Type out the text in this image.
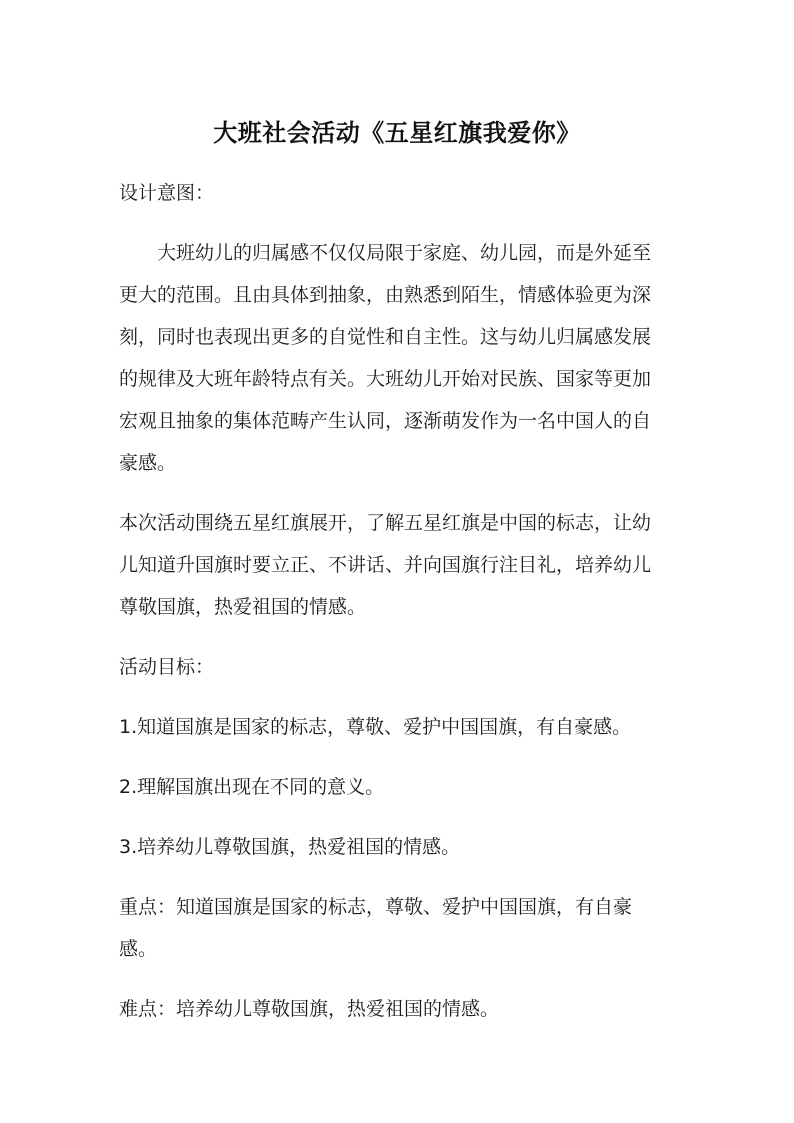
大班社会活动《五星红旗我爱你》

设计意图：

大班幼儿的归属感不仅仅局限于家庭、幼儿园，而是外延至更大的范围。且由具体到抽象，由熟悉到陌生，情感体验更为深刻，同时也表现出更多的自觉性和自主性。这与幼儿归属感发展的规律及大班年龄特点有关。大班幼儿开始对民族、国家等更加宏观且抽象的集体范畴产生认同，逐渐萌发作为一名中国人的自豪感。

本次活动围绕五星红旗展开，了解五星红旗是中国的标志，让幼儿知道升国旗时要立正、不讲话、并向国旗行注目礼，培养幼儿尊敬国旗，热爱祖国的情感。

活动目标：

1.知道国旗是国家的标志，尊敬、爱护中国国旗，有自豪感。

2.理解国旗出现在不同的意义。

3.培养幼儿尊敬国旗，热爱祖国的情感。

重点：知道国旗是国家的标志，尊敬、爱护中国国旗，有自豪感。

难点：培养幼儿尊敬国旗，热爱祖国的情感。
